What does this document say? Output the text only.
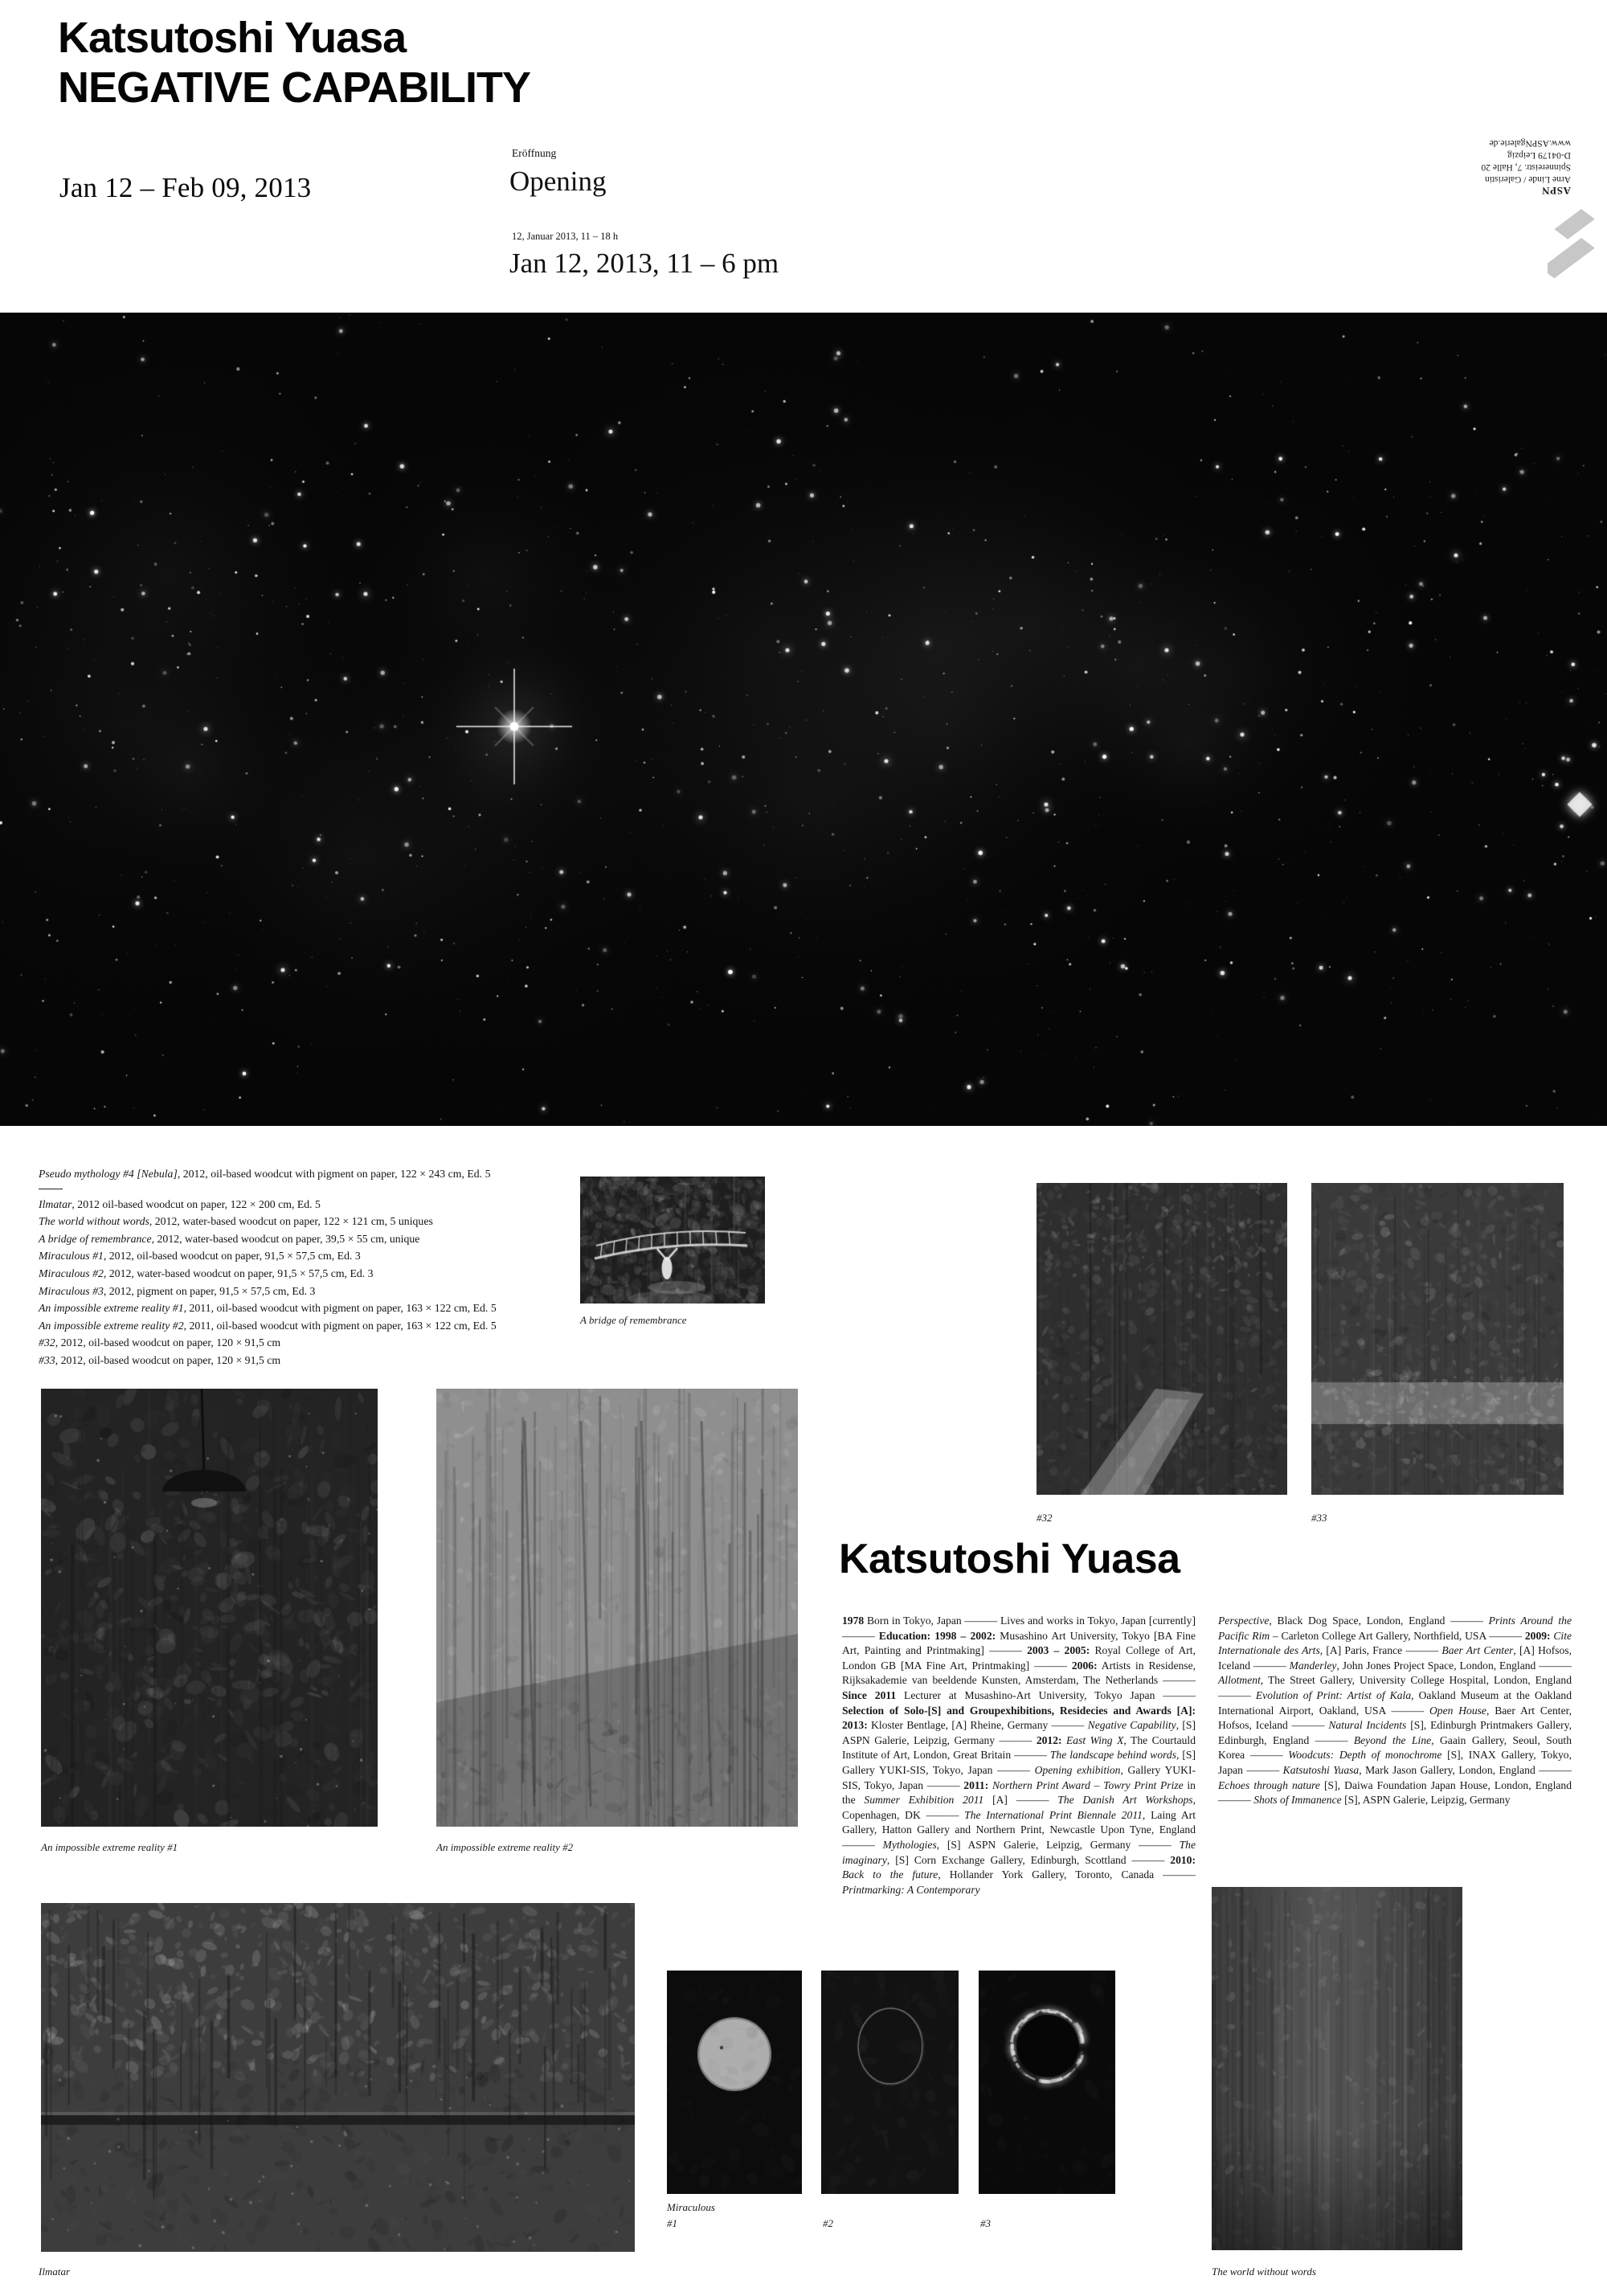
Katsutoshi Yuasa
NEGATIVE CAPABILITY
Jan 12 – Feb 09, 2013
Eröffnung
Opening
12, Januar 2013, 11 – 18 h
Jan 12, 2013, 11 – 6 pm
ASPN
Arne Linde / Galeristin
Spinnereistr. 7, Halle 20
D-04179 Leipzig
www.ASPNgalerie.de
Pseudo mythology #4 [Nebula], 2012, oil-based woodcut with pigment on paper, 122 × 243 cm, Ed. 5
Ilmatar, 2012 oil-based woodcut on paper, 122 × 200 cm, Ed. 5
The world without words, 2012, water-based woodcut on paper, 122 × 121 cm, 5 uniques
A bridge of remembrance, 2012, water-based woodcut on paper, 39,5 × 55 cm, unique
Miraculous #1, 2012, oil-based woodcut on paper, 91,5 × 57,5 cm, Ed. 3
Miraculous #2, 2012, water-based woodcut on paper, 91,5 × 57,5 cm, Ed. 3
Miraculous #3, 2012, pigment on paper, 91,5 × 57,5 cm, Ed. 3
An impossible extreme reality #1, 2011, oil-based woodcut with pigment on paper, 163 × 122 cm, Ed. 5
An impossible extreme reality #2, 2011, oil-based woodcut with pigment on paper, 163 × 122 cm, Ed. 5
#32, 2012, oil-based woodcut on paper, 120 × 91,5 cm
#33, 2012, oil-based woodcut on paper, 120 × 91,5 cm
A bridge of remembrance
#32	#33
Katsutoshi Yuasa
1978 Born in Tokyo, Japan ——— Lives and works in Tokyo, Japan [currently] ——— Education: 1998 – 2002: Musashino Art University, Tokyo [BA Fine Art, Painting and Printmaking] ——— 2003 – 2005: Royal College of Art, London GB [MA Fine Art, Printmaking] ——— 2006: Artists in Residense, Rijksakademie van beeldende Kunsten, Amsterdam, The Netherlands ——— Since 2011 Lecturer at Musashino-Art University, Tokyo Japan ——— Selection of Solo-[S] and Groupexhibitions, Residecies and Awards [A]: 2013: Kloster Bentlage, [A] Rheine, Germany ——— Negative Capability, [S] ASPN Galerie, Leipzig, Germany ——— 2012: East Wing X, The Courtauld Institute of Art, London, Great Britain ——— The landscape behind words, [S] Gallery YUKI-SIS, Tokyo, Japan ——— Opening exhibition, Gallery YUKI-SIS, Tokyo, Japan ——— 2011: Northern Print Award – Towry Print Prize in the Summer Exhibition 2011 [A] ——— The Danish Art Workshops, Copenhagen, DK ——— The International Print Biennale 2011, Laing Art Gallery, Hatton Gallery and Northern Print, Newcastle Upon Tyne, England ——— Mythologies, [S] ASPN Galerie, Leipzig, Germany ——— The imaginary, [S] Corn Exchange Gallery, Edinburgh, Scottland ——— 2010: Back to the future, Hollander York Gallery, Toronto, Canada ——— Printmarking: A Contemporary
Perspective, Black Dog Space, London, England ——— Prints Around the Pacific Rim – Carleton College Art Gallery, Northfield, USA ——— 2009: Cite Internationale des Arts, [A] Paris, France ——— Baer Art Center, [A] Hofsos, Iceland ——— Manderley, John Jones Project Space, London, England ——— Allotment, The Street Gallery, University College Hospital, London, England ——— Evolution of Print: Artist of Kala, Oakland Museum at the Oakland International Airport, Oakland, USA ——— Open House, Baer Art Center, Hofsos, Iceland ——— Natural Incidents [S], Edinburgh Printmakers Gallery, Edinburgh, England ——— Beyond the Line, Gaain Gallery, Seoul, South Korea ——— Woodcuts: Depth of monochrome [S], INAX Gallery, Tokyo, Japan ——— Katsutoshi Yuasa, Mark Jason Gallery, London, England ——— Echoes through nature [S], Daiwa Foundation Japan House, London, England ——— Shots of Immanence [S], ASPN Galerie, Leipzig, Germany
An impossible extreme reality #1	An impossible extreme reality #2
Ilmatar
Miraculous
#1	#2	#3
The world without words
